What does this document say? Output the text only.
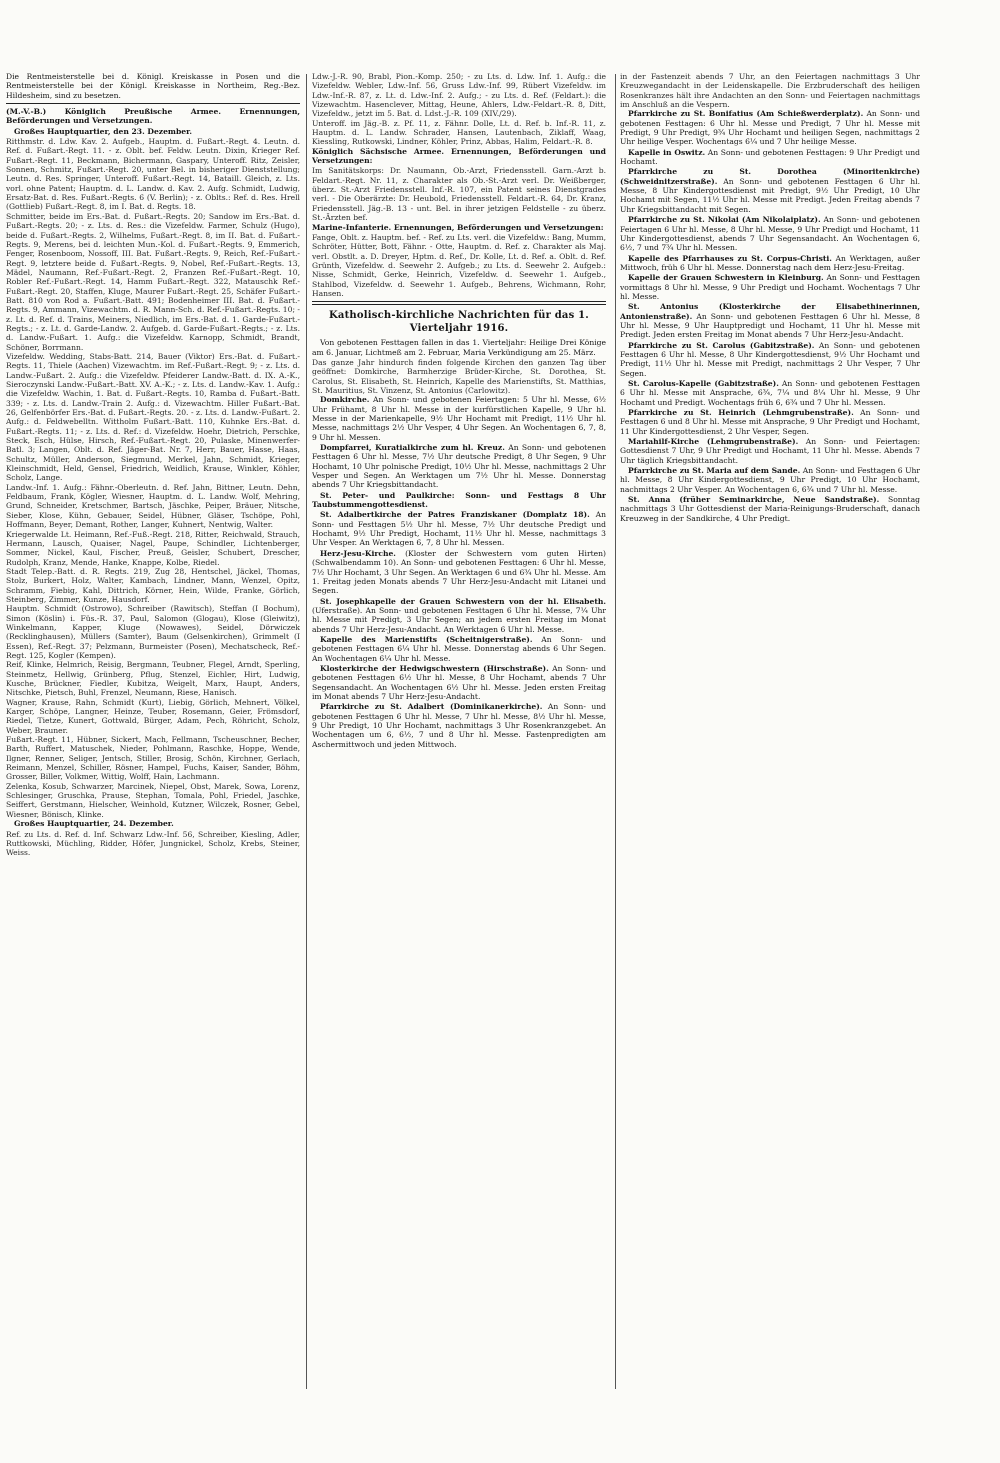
Die Rentmeisterstelle bei d. Königl. Kreiskasse in Posen und die Rentmeisterstelle bei der Königl. Kreiskasse in Northeim, Reg.-Bez. Hildesheim, sind zu besetzen.

(M.-V.-B.) Königlich Preußische Armee. Ernennungen, Beförderungen und Versetzungen.

Großes Hauptquartier, den 23. Dezember.

Ritthmstr. d. Ldw. Kav. 2. Aufgeb., Hauptm. d. Fußart.-Regt. 4. Leutn. d. Ref. d. Fußart.-Regt. 11. - z. Oblt. bef. Feldw. Leutn. Dixin, Krieger Ref. Fußart.-Regt. 11, Beckmann, Bichermann, Gaspary, Unteroff. Ritz, Zeisler, Sonnen, Schmitz, Fußart.-Regt. 20, unter Bel. in bisheriger Dienststellung; Leutn. d. Res. Springer, Unteroff. Fußart.-Regt. 14, Bataill. Gleich, z. Lts. vorl. ohne Patent; Hauptm. d. L. Landw. d. Kav. 2. Aufg. Schmidt, Ludwig, Ersatz-Bat. d. Res. Fußart.-Regts. 6 (V. Berlin); - z. Oblts.: Ref. d. Res. Hrell (Gottlieb) Fußart.-Regt. 8, im I. Bat. d. Regts. 18.
Schmitter, beide im Ers.-Bat. d. Fußart.-Regts. 20; Sandow im Ers.-Bat. d. Fußart.-Regts. 20; - z. Lts. d. Res.: die Vizefeldw. Farmer, Schulz (Hugo), beide d. Fußart.-Regts. 2, Wilhelms, Fußart.-Regt. 8, im II. Bat. d. Fußart.-Regts. 9, Merens, bei d. leichten Mun.-Kol. d. Fußart.-Regts. 9, Emmerich, Fenger, Rosenboom, Nossoff, III. Bat. Fußart.-Regts. 9, Reich, Ref.-Fußart.-Regt. 9, letztere beide d. Fußart.-Regts. 9, Nobel, Ref.-Fußart.-Regts. 13, Mädel, Naumann, Ref.-Fußart.-Regt. 2, Franzen Ref.-Fußart.-Regt. 10, Robler Ref.-Fußart.-Regt. 14, Hamm Fußart.-Regt. 322, Matauschk Ref.-Fußart.-Regt. 20, Staffen, Kluge, Maurer Fußart.-Regt. 25, Schäfer Fußart.-Batt. 810 von Rod a. Fußart.-Batt. 491; Bodenheimer III. Bat. d. Fußart.-Regts. 9, Ammann, Vizewachtm. d. R. Mann-Sch. d. Ref.-Fußart.-Regts. 10; - z. Lt. d. Ref. d. Trains, Meiners, Niedlich, im Ers.-Bat. d. 1. Garde-Fußart.-Regts.; - z. Lt. d. Garde-Landw. 2. Aufgeb. d. Garde-Fußart.-Regts.; - z. Lts. d. Landw.-Fußart. 1. Aufg.: die Vizefeldw. Karnopp, Schmidt, Brandt, Schöner, Borrmann.
Vizefeldw. Wedding, Stabs-Batt. 214, Bauer (Viktor) Ers.-Bat. d. Fußart.-Regts. 11, Thiele (Aachen) Vizewachtm. im Ref.-Fußart.-Regt. 9; - z. Lts. d. Landw.-Fußart. 2. Aufg.: die Vizefeldw. Pfeiderer Landw.-Batt. d. IX. A.-K., Sieroczynski Landw.-Fußart.-Batt. XV. A.-K.; - z. Lts. d. Landw.-Kav. 1. Aufg.: die Vizefeldw. Wachin, 1. Bat. d. Fußart.-Regts. 10, Ramba d. Fußart.-Batt. 339; - z. Lts. d. Landw.-Train 2. Aufg.: d. Vizewachtm. Hiller Fußart.-Bat. 26, Gelfenbörfer Ers.-Bat. d. Fußart.-Regts. 20. - z. Lts. d. Landw.-Fußart. 2. Aufg.: d. Feldwebelltn. Wittholm Fußart.-Batt. 110, Kuhnke Ers.-Bat. d. Fußart.-Regts. 11; - z. Lts. d. Ref.: d. Vizefeldw. Hoehr, Dietrich, Perschke, Steck, Esch, Hülse, Hirsch, Ref.-Fußart.-Regt. 20, Pulaske, Minenwerfer-Batl. 3; Langen, Oblt. d. Ref. Jäger-Bat. Nr. 7, Herr, Bauer, Hasse, Haas, Schultz, Müller, Anderson, Siegmund, Merkel, Jahn, Schmidt, Krieger, Kleinschmidt, Held, Gensel, Friedrich, Weidlich, Krause, Winkler, Köhler, Scholz, Lange.
Landw.-Inf. 1. Aufg.: Fähnr.-Oberleutn. d. Ref. Jahn, Bittner, Leutn. Dehn, Feldbaum, Frank, Kögler, Wiesner, Hauptm. d. L. Landw. Wolf, Mehring, Grund, Schneider, Kretschmer, Bartsch, Jäschke, Peiper, Bräuer, Nitsche, Sieber, Klose, Kühn, Gebauer, Seidel, Hübner, Gläser, Tschöpe, Pohl, Hoffmann, Beyer, Demant, Rother, Langer, Kuhnert, Nentwig, Walter.
Kriegerwalde Lt. Heimann, Ref.-Fuß.-Regt. 218, Ritter, Reichwald, Strauch, Hermann, Lausch, Quaiser, Nagel, Paupe, Schindler, Lichtenberger, Sommer, Nickel, Kaul, Fischer, Preuß, Geisler, Schubert, Drescher, Rudolph, Kranz, Mende, Hanke, Knappe, Kolbe, Riedel.
Stadt Telep.-Batt. d. R. Regts. 219, Zug 28, Hentschel, Jäckel, Thomas, Stolz, Burkert, Holz, Walter, Kambach, Lindner, Mann, Wenzel, Opitz, Schramm, Fiebig, Kahl, Dittrich, Körner, Hein, Wilde, Franke, Görlich, Steinberg, Zimmer, Kunze, Hausdorf.
Hauptm. Schmidt (Ostrowo), Schreiber (Rawitsch), Steffan (I Bochum), Simon (Köslin) i. Füs.-R. 37, Paul, Salomon (Glogau), Klose (Gleiwitz), Winkelmann, Kapper, Kluge (Nowawes), Seidel, Dörwiczek (Recklinghausen), Müllers (Samter), Baum (Gelsenkirchen), Grimmelt (I Essen), Ref.-Regt. 37; Pelzmann, Burmeister (Posen), Mechatscheck, Ref.-Regt. 125, Kogler (Kempen).
Reif, Klinke, Helmrich, Reisig, Bergmann, Teubner, Flegel, Arndt, Sperling, Steinmetz, Hellwig, Grünberg, Pflug, Stenzel, Eichler, Hirt, Ludwig, Kusche, Brückner, Fiedler, Kubitza, Weigelt, Marx, Haupt, Anders, Nitschke, Pietsch, Buhl, Frenzel, Neumann, Riese, Hanisch.
Wagner, Krause, Rahn, Schmidt (Kurt), Liebig, Görlich, Mehnert, Völkel, Karger, Schöpe, Langner, Heinze, Teuber, Rosemann, Geier, Frömsdorf, Riedel, Tietze, Kunert, Gottwald, Bürger, Adam, Pech, Röhricht, Scholz, Weber, Brauner.
Fußart.-Regt. 11, Hübner, Sickert, Mach, Fellmann, Tscheuschner, Becher, Barth, Ruffert, Matuschek, Nieder, Pohlmann, Raschke, Hoppe, Wende, Ilgner, Renner, Seliger, Jentsch, Stiller, Brosig, Schön, Kirchner, Gerlach, Reimann, Menzel, Schiller, Rösner, Hampel, Fuchs, Kaiser, Sander, Böhm, Grosser, Biller, Volkmer, Wittig, Wolff, Hain, Lachmann.
Zelenka, Kosub, Schwarzer, Marcinek, Niepel, Obst, Marek, Sowa, Lorenz, Schlesinger, Gruschka, Prause, Stephan, Tomala, Pohl, Friedel, Jaschke, Seiffert, Gerstmann, Hielscher, Weinhold, Kutzner, Wilczek, Rosner, Gebel, Wiesner, Bönisch, Klinke.

Großes Hauptquartier, 24. Dezember.

Ref. zu Lts. d. Ref. d. Inf. Schwarz Ldw.-Inf. 56, Schreiber, Kiesling, Adler, Ruttkowski, Müchling, Ridder, Höfer, Jungnickel, Scholz, Krebs, Steiner, Weiss.
Ldw.-J.-R. 90, Brabl, Pion.-Komp. 250; - zu Lts. d. Ldw. Inf. 1. Aufg.: die Vizefeldw. Webler, Ldw.-Inf. 56, Gruss Ldw.-Inf. 99, Rübert Vizefeldw. im Ldw.-Inf.-R. 87, z. Lt. d. Ldw.-Inf. 2. Aufg.; - zu Lts. d. Ref. (Feldart.): die Vizewachtm. Hasenclever, Mittag, Heune, Ahlers, Ldw.-Feldart.-R. 8, Ditt, Vizefeldw., jetzt im 5. Bat. d. Ldst.-J.-R. 109 (XIV./29).
Unteroff. im Jäg.-B. z. Pf. 11, z. Fähnr. Dolle, Lt. d. Ref. b. Inf.-R. 11, z. Hauptm. d. L. Landw. Schrader, Hansen, Lautenbach, Ziklaff, Waag, Kiessling, Rutkowski, Lindner, Köhler, Prinz, Abbas, Halim, Feldart.-R. 8.

Königlich Sächsische Armee. Ernennungen, Beförderungen und Versetzungen:

Im Sanitätskorps: Dr. Naumann, Ob.-Arzt, Friedensstell. Garn.-Arzt b. Feldart.-Regt. Nr. 11, z. Charakter als Ob.-St.-Arzt verl. Dr. Weißberger, überz. St.-Arzt Friedensstell. Inf.-R. 107, ein Patent seines Dienstgrades verl. - Die Oberärzte: Dr. Heubold, Friedensstell. Feldart.-R. 64, Dr. Kranz, Friedensstell. Jäg.-B. 13 - unt. Bel. in ihrer jetzigen Feldstelle - zu überz. St.-Ärzten bef.

Marine-Infanterie. Ernennungen, Beförderungen und Versetzungen:

Fange, Oblt. z. Hauptm. bef. - Ref. zu Lts. verl. die Vizefeldw.: Bang, Mumm, Schröter, Hütter, Bott, Fähnr. - Otte, Hauptm. d. Ref. z. Charakter als Maj. verl. Obstlt. a. D. Dreyer, Hptm. d. Ref., Dr. Kolle, Lt. d. Ref. a. Oblt. d. Ref. Grünth, Vizefeldw. d. Seewehr 2. Aufgeb.; zu Lts. d. Seewehr 2. Aufgeb.: Nisse, Schmidt, Gerke, Heinrich, Vizefeldw. d. Seewehr 1. Aufgeb., Stahlbod, Vizefeldw. d. Seewehr 1. Aufgeb., Behrens, Wichmann, Rohr, Hansen.
Katholisch-kirchliche Nachrichten für das 1. Vierteljahr 1916.

Von gebotenen Festtagen fallen in das 1. Vierteljahr: Heilige Drei Könige am 6. Januar, Lichtmeß am 2. Februar, Maria Verkündigung am 25. März.

Das ganze Jahr hindurch finden folgende Kirchen den ganzen Tag über geöffnet: Domkirche, Barmherzige Brüder-Kirche, St. Dorothea, St. Carolus, St. Elisabeth, St. Heinrich, Kapelle des Marienstifts, St. Matthias, St. Mauritius, St. Vinzenz, St. Antonius (Carlowitz).

Domkirche. An Sonn- und gebotenen Feiertagen: 5 Uhr hl. Messe, 6½ Uhr Frühamt, 8 Uhr hl. Messe in der kurfürstlichen Kapelle, 9 Uhr hl. Messe in der Marienkapelle, 9½ Uhr Hochamt mit Predigt, 11½ Uhr hl. Messe, nachmittags 2½ Uhr Vesper, 4 Uhr Segen. An Wochentagen 6, 7, 8, 9 Uhr hl. Messen.

Dompfarrei, Kuratialkirche zum hl. Kreuz. An Sonn- und gebotenen Festtagen 6 Uhr hl. Messe, 7½ Uhr deutsche Predigt, 8 Uhr Segen, 9 Uhr Hochamt, 10 Uhr polnische Predigt, 10½ Uhr hl. Messe, nachmittags 2 Uhr Vesper und Segen. An Werktagen um 7½ Uhr hl. Messe. Donnerstag abends 7 Uhr Kriegsbittandacht.

St. Peter- und Paulkirche: Sonn- und Festtags 8 Uhr Taubstummengottesdienst.

St. Adalbertkirche der Patres Franziskaner (Domplatz 18). An Sonn- und Festtagen 5½ Uhr hl. Messe, 7½ Uhr deutsche Predigt und Hochamt, 9½ Uhr Predigt, Hochamt, 11½ Uhr hl. Messe, nachmittags 3 Uhr Vesper. An Werktagen 6, 7, 8 Uhr hl. Messen.

Herz-Jesu-Kirche. (Kloster der Schwestern vom guten Hirten) (Schwalbendamm 10). An Sonn- und gebotenen Festtagen: 6 Uhr hl. Messe, 7½ Uhr Hochamt, 3 Uhr Segen. An Werktagen 6 und 6¾ Uhr hl. Messe. Am 1. Freitag jeden Monats abends 7 Uhr Herz-Jesu-Andacht mit Litanei und Segen.

St. Josephkapelle der Grauen Schwestern von der hl. Elisabeth. (Uferstraße). An Sonn- und gebotenen Festtagen 6 Uhr hl. Messe, 7¼ Uhr hl. Messe mit Predigt, 3 Uhr Segen; an jedem ersten Freitag im Monat abends 7 Uhr Herz-Jesu-Andacht. An Werktagen 6 Uhr hl. Messe.

Kapelle des Marienstifts (Scheitnigerstraße). An Sonn- und gebotenen Festtagen 6¼ Uhr hl. Messe. Donnerstag abends 6 Uhr Segen. An Wochentagen 6¼ Uhr hl. Messe.

Klosterkirche der Hedwigschwestern (Hirschstraße). An Sonn- und gebotenen Festtagen 6½ Uhr hl. Messe, 8 Uhr Hochamt, abends 7 Uhr Segensandacht. An Wochentagen 6½ Uhr hl. Messe. Jeden ersten Freitag im Monat abends 7 Uhr Herz-Jesu-Andacht.

Pfarrkirche zu St. Adalbert (Dominikanerkirche). An Sonn- und gebotenen Festtagen 6 Uhr hl. Messe, 7 Uhr hl. Messe, 8½ Uhr hl. Messe, 9 Uhr Predigt, 10 Uhr Hochamt, nachmittags 3 Uhr Rosenkranzgebet. An Wochentagen um 6, 6½, 7 und 8 Uhr hl. Messe. Fastenpredigten am Aschermittwoch und jeden Mittwoch.

in der Fastenzeit abends 7 Uhr, an den Feiertagen nachmittags 3 Uhr Kreuzwegandacht in der Leidenskapelle. Die Erzbruderschaft des heiligen Rosenkranzes hält ihre Andachten an den Sonn- und Feiertagen nachmittags im Anschluß an die Vespern.

Pfarrkirche zu St. Bonifatius (Am Schießwerderplatz). An Sonn- und gebotenen Festtagen: 6 Uhr hl. Messe und Predigt, 7 Uhr hl. Messe mit Predigt, 9 Uhr Predigt, 9¾ Uhr Hochamt und heiligen Segen, nachmittags 2 Uhr heilige Vesper. Wochentags 6¼ und 7 Uhr heilige Messe.

Kapelle in Oswitz. An Sonn- und gebotenen Festtagen: 9 Uhr Predigt und Hochamt.

Pfarrkirche zu St. Dorothea (Minoritenkirche) (Schweidnitzerstraße). An Sonn- und gebotenen Festtagen 6 Uhr hl. Messe, 8 Uhr Kindergottesdienst mit Predigt, 9½ Uhr Predigt, 10 Uhr Hochamt mit Segen, 11½ Uhr hl. Messe mit Predigt. Jeden Freitag abends 7 Uhr Kriegsbittandacht mit Segen.

Pfarrkirche zu St. Nikolai (Am Nikolaiplatz). An Sonn- und gebotenen Feiertagen 6 Uhr hl. Messe, 8 Uhr hl. Messe, 9 Uhr Predigt und Hochamt, 11 Uhr Kindergottesdienst, abends 7 Uhr Segensandacht. An Wochentagen 6, 6½, 7 und 7¾ Uhr hl. Messen.

Kapelle des Pfarrhauses zu St. Corpus-Christi. An Werktagen, außer Mittwoch, früh 6 Uhr hl. Messe. Donnerstag nach dem Herz-Jesu-Freitag.

Kapelle der Grauen Schwestern in Kleinburg. An Sonn- und Festtagen vormittags 8 Uhr hl. Messe, 9 Uhr Predigt und Hochamt. Wochentags 7 Uhr hl. Messe.

St. Antonius (Klosterkirche der Elisabethinerinnen, Antonienstraße). An Sonn- und gebotenen Festtagen 6 Uhr hl. Messe, 8 Uhr hl. Messe, 9 Uhr Hauptpredigt und Hochamt, 11 Uhr hl. Messe mit Predigt. Jeden ersten Freitag im Monat abends 7 Uhr Herz-Jesu-Andacht.

Pfarrkirche zu St. Carolus (Gabitzstraße). An Sonn- und gebotenen Festtagen 6 Uhr hl. Messe, 8 Uhr Kindergottesdienst, 9½ Uhr Hochamt und Predigt, 11½ Uhr hl. Messe mit Predigt, nachmittags 2 Uhr Vesper, 7 Uhr Segen.

St. Carolus-Kapelle (Gabitzstraße). An Sonn- und gebotenen Festtagen 6 Uhr hl. Messe mit Ansprache, 6¾, 7¼ und 8¼ Uhr hl. Messe, 9 Uhr Hochamt und Predigt. Wochentags früh 6, 6¾ und 7 Uhr hl. Messen.

Pfarrkirche zu St. Heinrich (Lehmgrubenstraße). An Sonn- und Festtagen 6 und 8 Uhr hl. Messe mit Ansprache, 9 Uhr Predigt und Hochamt, 11 Uhr Kindergottesdienst, 2 Uhr Vesper, Segen.

Mariahilf-Kirche (Lehmgrubenstraße). An Sonn- und Feiertagen: Gottesdienst 7 Uhr, 9 Uhr Predigt und Hochamt, 11 Uhr hl. Messe. Abends 7 Uhr täglich Kriegsbittandacht.

Pfarrkirche zu St. Maria auf dem Sande. An Sonn- und Festtagen 6 Uhr hl. Messe, 8 Uhr Kindergottesdienst, 9 Uhr Predigt, 10 Uhr Hochamt, nachmittags 2 Uhr Vesper. An Wochentagen 6, 6¾ und 7 Uhr hl. Messe.

St. Anna (früher Seminarkirche, Neue Sandstraße). Sonntag nachmittags 3 Uhr Gottesdienst der Maria-Reinigungs-Bruderschaft, danach Kreuzweg in der Sandkirche, 4 Uhr Predigt.
